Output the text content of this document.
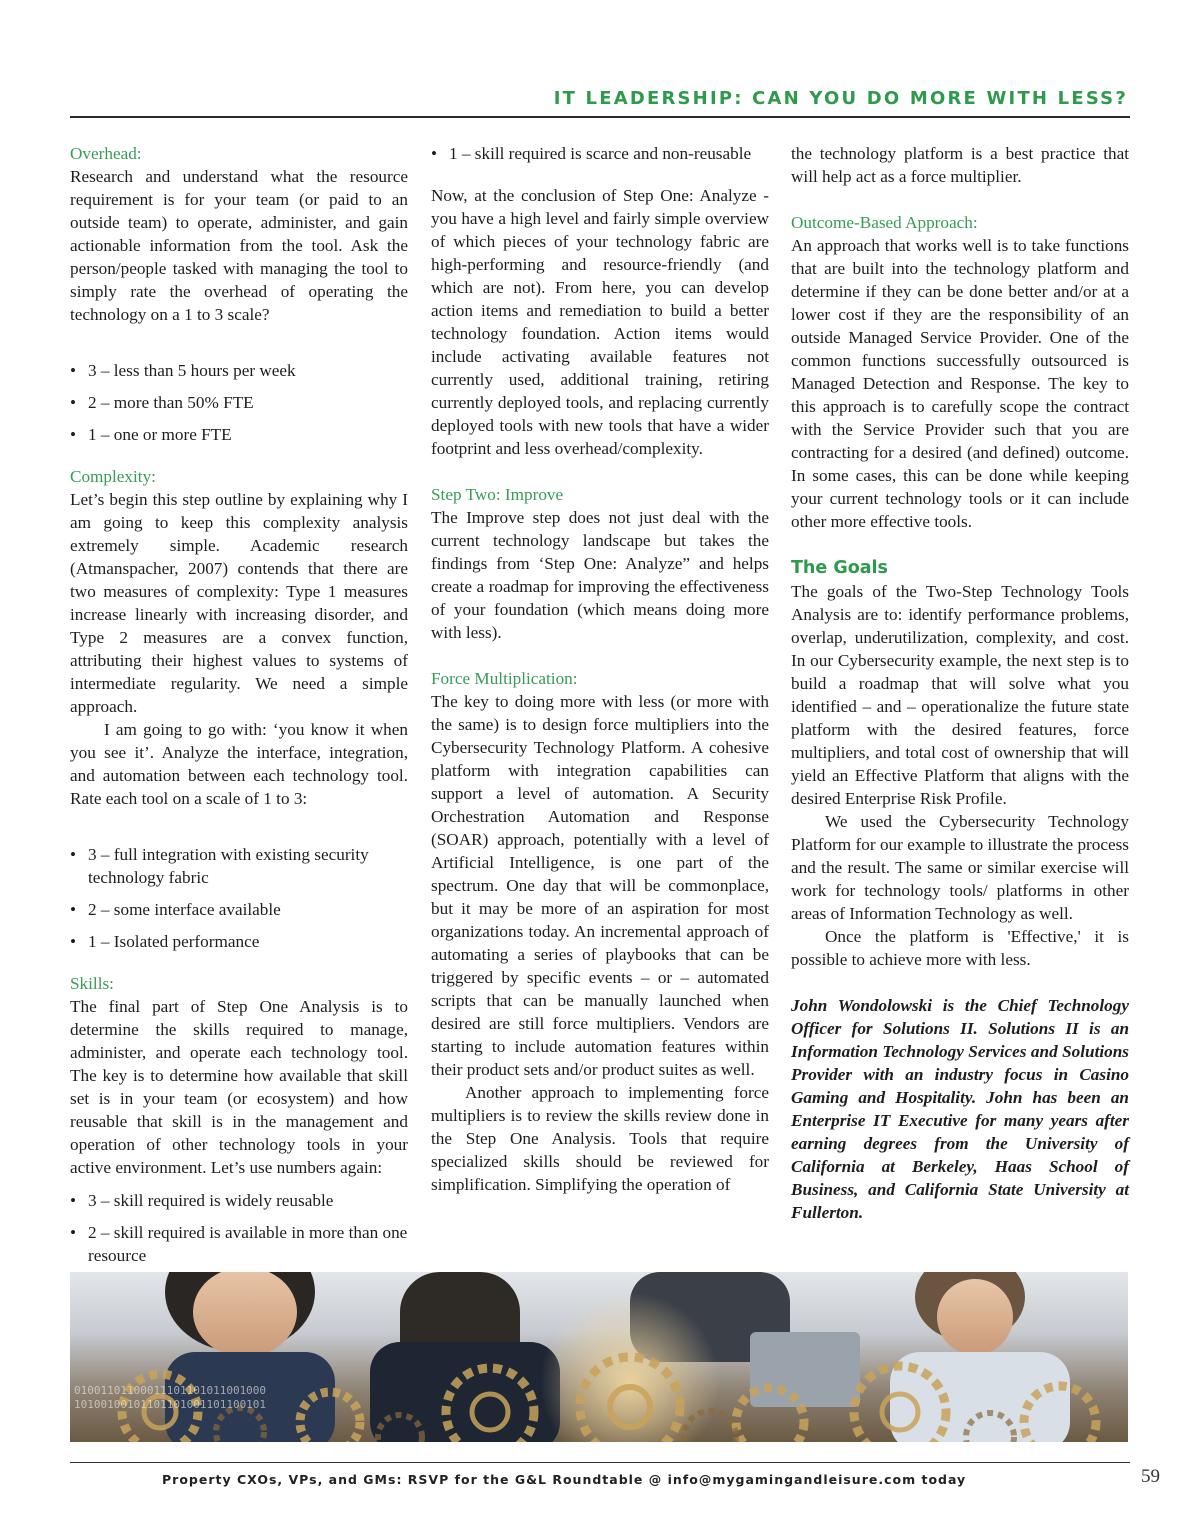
IT LEADERSHIP: CAN YOU DO MORE WITH LESS?

Overhead:

Research and understand what the resource requirement is for your team (or paid to an outside team) to operate, administer, and gain actionable information from the tool. Ask the person/people tasked with managing the tool to simply rate the overhead of operating the technology on a 1 to 3 scale?

• 3 – less than 5 hours per week
• 2 – more than 50% FTE
• 1 – one or more FTE

Complexity:

Let’s begin this step outline by explaining why I am going to keep this complexity analysis extremely simple. Academic research (Atmanspacher, 2007) contends that there are two measures of complexity: Type 1 measures increase linearly with increasing disorder, and Type 2 measures are a convex function, attributing their highest values to systems of intermediate regularity. We need a simple approach.

I am going to go with: ‘you know it when you see it’. Analyze the interface, integration, and automation between each technology tool. Rate each tool on a scale of 1 to 3:

• 3 – full integration with existing security technology fabric
• 2 – some interface available
• 1 – Isolated performance

Skills:

The final part of Step One Analysis is to determine the skills required to manage, administer, and operate each technology tool. The key is to determine how available that skill set is in your team (or ecosystem) and how reusable that skill is in the management and operation of other technology tools in your active environment. Let’s use numbers again:

• 3 – skill required is widely reusable
• 2 – skill required is available in more than one resource
• 1 – skill required is scarce and non-reusable

Now, at the conclusion of Step One: Analyze - you have a high level and fairly simple overview of which pieces of your technology fabric are high-performing and resource-friendly (and which are not). From here, you can develop action items and remediation to build a better technology foundation. Action items would include activating available features not currently used, additional training, retiring currently deployed tools, and replacing currently deployed tools with new tools that have a wider footprint and less overhead/complexity.

Step Two: Improve

The Improve step does not just deal with the current technology landscape but takes the findings from ‘Step One: Analyze” and helps create a roadmap for improving the effectiveness of your foundation (which means doing more with less).

Force Multiplication:

The key to doing more with less (or more with the same) is to design force multipliers into the Cybersecurity Technology Platform. A cohesive platform with integration capabilities can support a level of automation. A Security Orchestration Automation and Response (SOAR) approach, potentially with a level of Artificial Intelligence, is one part of the spectrum. One day that will be commonplace, but it may be more of an aspiration for most organizations today. An incremental approach of automating a series of playbooks that can be triggered by specific events – or – automated scripts that can be manually launched when desired are still force multipliers. Vendors are starting to include automation features within their product sets and/or product suites as well.

Another approach to implementing force multipliers is to review the skills review done in the Step One Analysis. Tools that require specialized skills should be reviewed for simplification. Simplifying the operation of

the technology platform is a best practice that will help act as a force multiplier.

Outcome-Based Approach:

An approach that works well is to take functions that are built into the technology platform and determine if they can be done better and/or at a lower cost if they are the responsibility of an outside Managed Service Provider. One of the common functions successfully outsourced is Managed Detection and Response. The key to this approach is to carefully scope the contract with the Service Provider such that you are contracting for a desired (and defined) outcome. In some cases, this can be done while keeping your current technology tools or it can include other more effective tools.

The Goals

The goals of the Two-Step Technology Tools Analysis are to: identify performance problems, overlap, underutilization, complexity, and cost. In our Cybersecurity example, the next step is to build a roadmap that will solve what you identified – and – operationalize the future state platform with the desired features, force multipliers, and total cost of ownership that will yield an Effective Platform that aligns with the desired Enterprise Risk Profile.

We used the Cybersecurity Technology Platform for our example to illustrate the process and the result. The same or similar exercise will work for technology tools/ platforms in other areas of Information Technology as well.

Once the platform is 'Effective,' it is possible to achieve more with less.

John Wondolowski is the Chief Technology Officer for Solutions II. Solutions II is an Information Technology Services and Solutions Provider with an industry focus in Casino Gaming and Hospitality. John has been an Enterprise IT Executive for many years after earning degrees from the University of California at Berkeley, Haas School of Business, and California State University at Fullerton.

01001101100011101101011001000
10100100101101101001101100101
Property CXOs, VPs, and GMs: RSVP for the G&L Roundtable @ info@mygamingandleisure.com today	59
